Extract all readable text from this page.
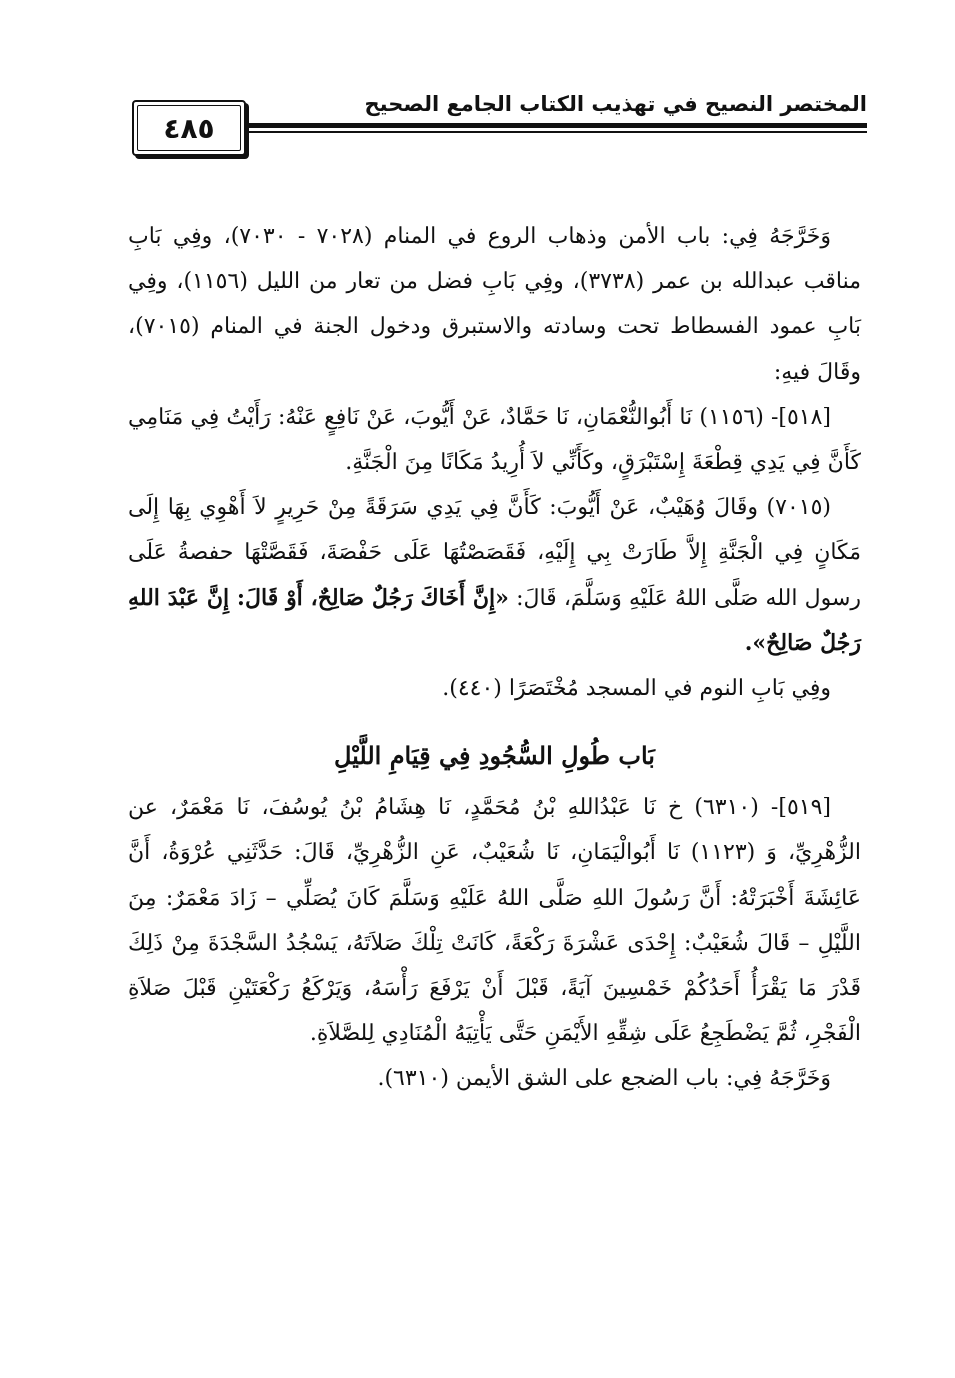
المختصر النصيح في تهذيب الكتاب الجامع الصحيح
٤٨٥

وَخَرَّجَهُ فِي: باب الأمن وذهاب الروع في المنام (٧٠٢٨ - ٧٠٣٠)، وفِي بَابِ مناقب عبدالله بن عمر (٣٧٣٨)، وفِي بَابِ فضل من تعار من الليل (١١٥٦)، وفِي بَابِ عمود الفسطاط تحت وسادته والاستبرق ودخول الجنة في المنام (٧٠١٥)، وقَالَ فيهِ:

[٥١٨]- (١١٥٦) نَا أَبُوالنُّعْمَانِ، نَا حَمَّادٌ، عَنْ أَيُّوبَ، عَنْ نَافِعٍ عَنْهُ: رَأَيْتُ فِي مَنَامِي كَأَنَّ فِي يَدِي قِطْعَةَ إِسْتَبْرَقٍ، وكَأَنِّي لاَ أُرِيدُ مَكَانًا مِنَ الْجَنَّةِ.

(٧٠١٥) وقَالَ وُهَيْبٌ، عَنْ أَيُّوبَ: كَأَنَّ فِي يَدِي سَرَقَةً مِنْ حَرِيرٍ لاَ أَهْوِي بِهَا إِلَى مَكَانٍ فِي الْجَنَّةِ إِلاَّ طَارَتْ بِي إِلَيْهِ، فَقَصَصْتُهَا عَلَى حَفْصَةَ، فَقَصَّتْهَا حفصةُ عَلَى رسول الله صَلَّى اللهُ عَلَيْهِ وَسَلَّمَ، قَالَ: «إِنَّ أَخَاكَ رَجُلٌ صَالِحٌ، أَوْ قَالَ: إِنَّ عَبْدَ اللهِ رَجُلٌ صَالِحٌ».

وفِي بَابِ النوم في المسجد مُخْتَصَرًا (٤٤٠).

بَاب طُولِ السُّجُودِ فِي قِيَامِ اللَّيْلِ

[٥١٩]- (٦٣١٠) خ نَا عَبْدُاللهِ بْنُ مُحَمَّدٍ، نَا هِشَامُ بْنُ يُوسُفَ، نَا مَعْمَرٌ، عن الزُّهْرِيِّ، وَ (١١٢٣) نَا أَبُوالْيَمَانِ، نَا شُعَيْبٌ، عَنِ الزُّهْرِيِّ، قَالَ: حَدَّثَنِي عُرْوَةُ، أَنَّ عَائِشَةَ أَخْبَرَتْهُ: أَنَّ رَسُولَ اللهِ صَلَّى اللهُ عَلَيْهِ وَسَلَّمَ كَانَ يُصَلِّي – زَادَ مَعْمَرٌ: مِنَ اللَّيْلِ – قَالَ شُعَيْبٌ: إِحْدَى عَشْرَةَ رَكْعَةً، كَانَتْ تِلْكَ صَلاَتَهُ، يَسْجُدُ السَّجْدَةَ مِنْ ذَلِكَ قَدْرَ مَا يَقْرَأُ أَحَدُكُمْ خَمْسِينَ آيَةً، قَبْلَ أَنْ يَرْفَعَ رَأْسَهُ، وَيَرْكَعُ رَكْعَتَيْنِ قَبْلَ صَلاَةِ الْفَجْرِ، ثُمَّ يَضْطَجِعُ عَلَى شِقِّهِ الأَيْمَنِ حَتَّى يَأْتِيَهُ الْمُنَادِي لِلصَّلاَةِ.

وَخَرَّجَهُ فِي: باب الضجع على الشق الأيمن (٦٣١٠).
